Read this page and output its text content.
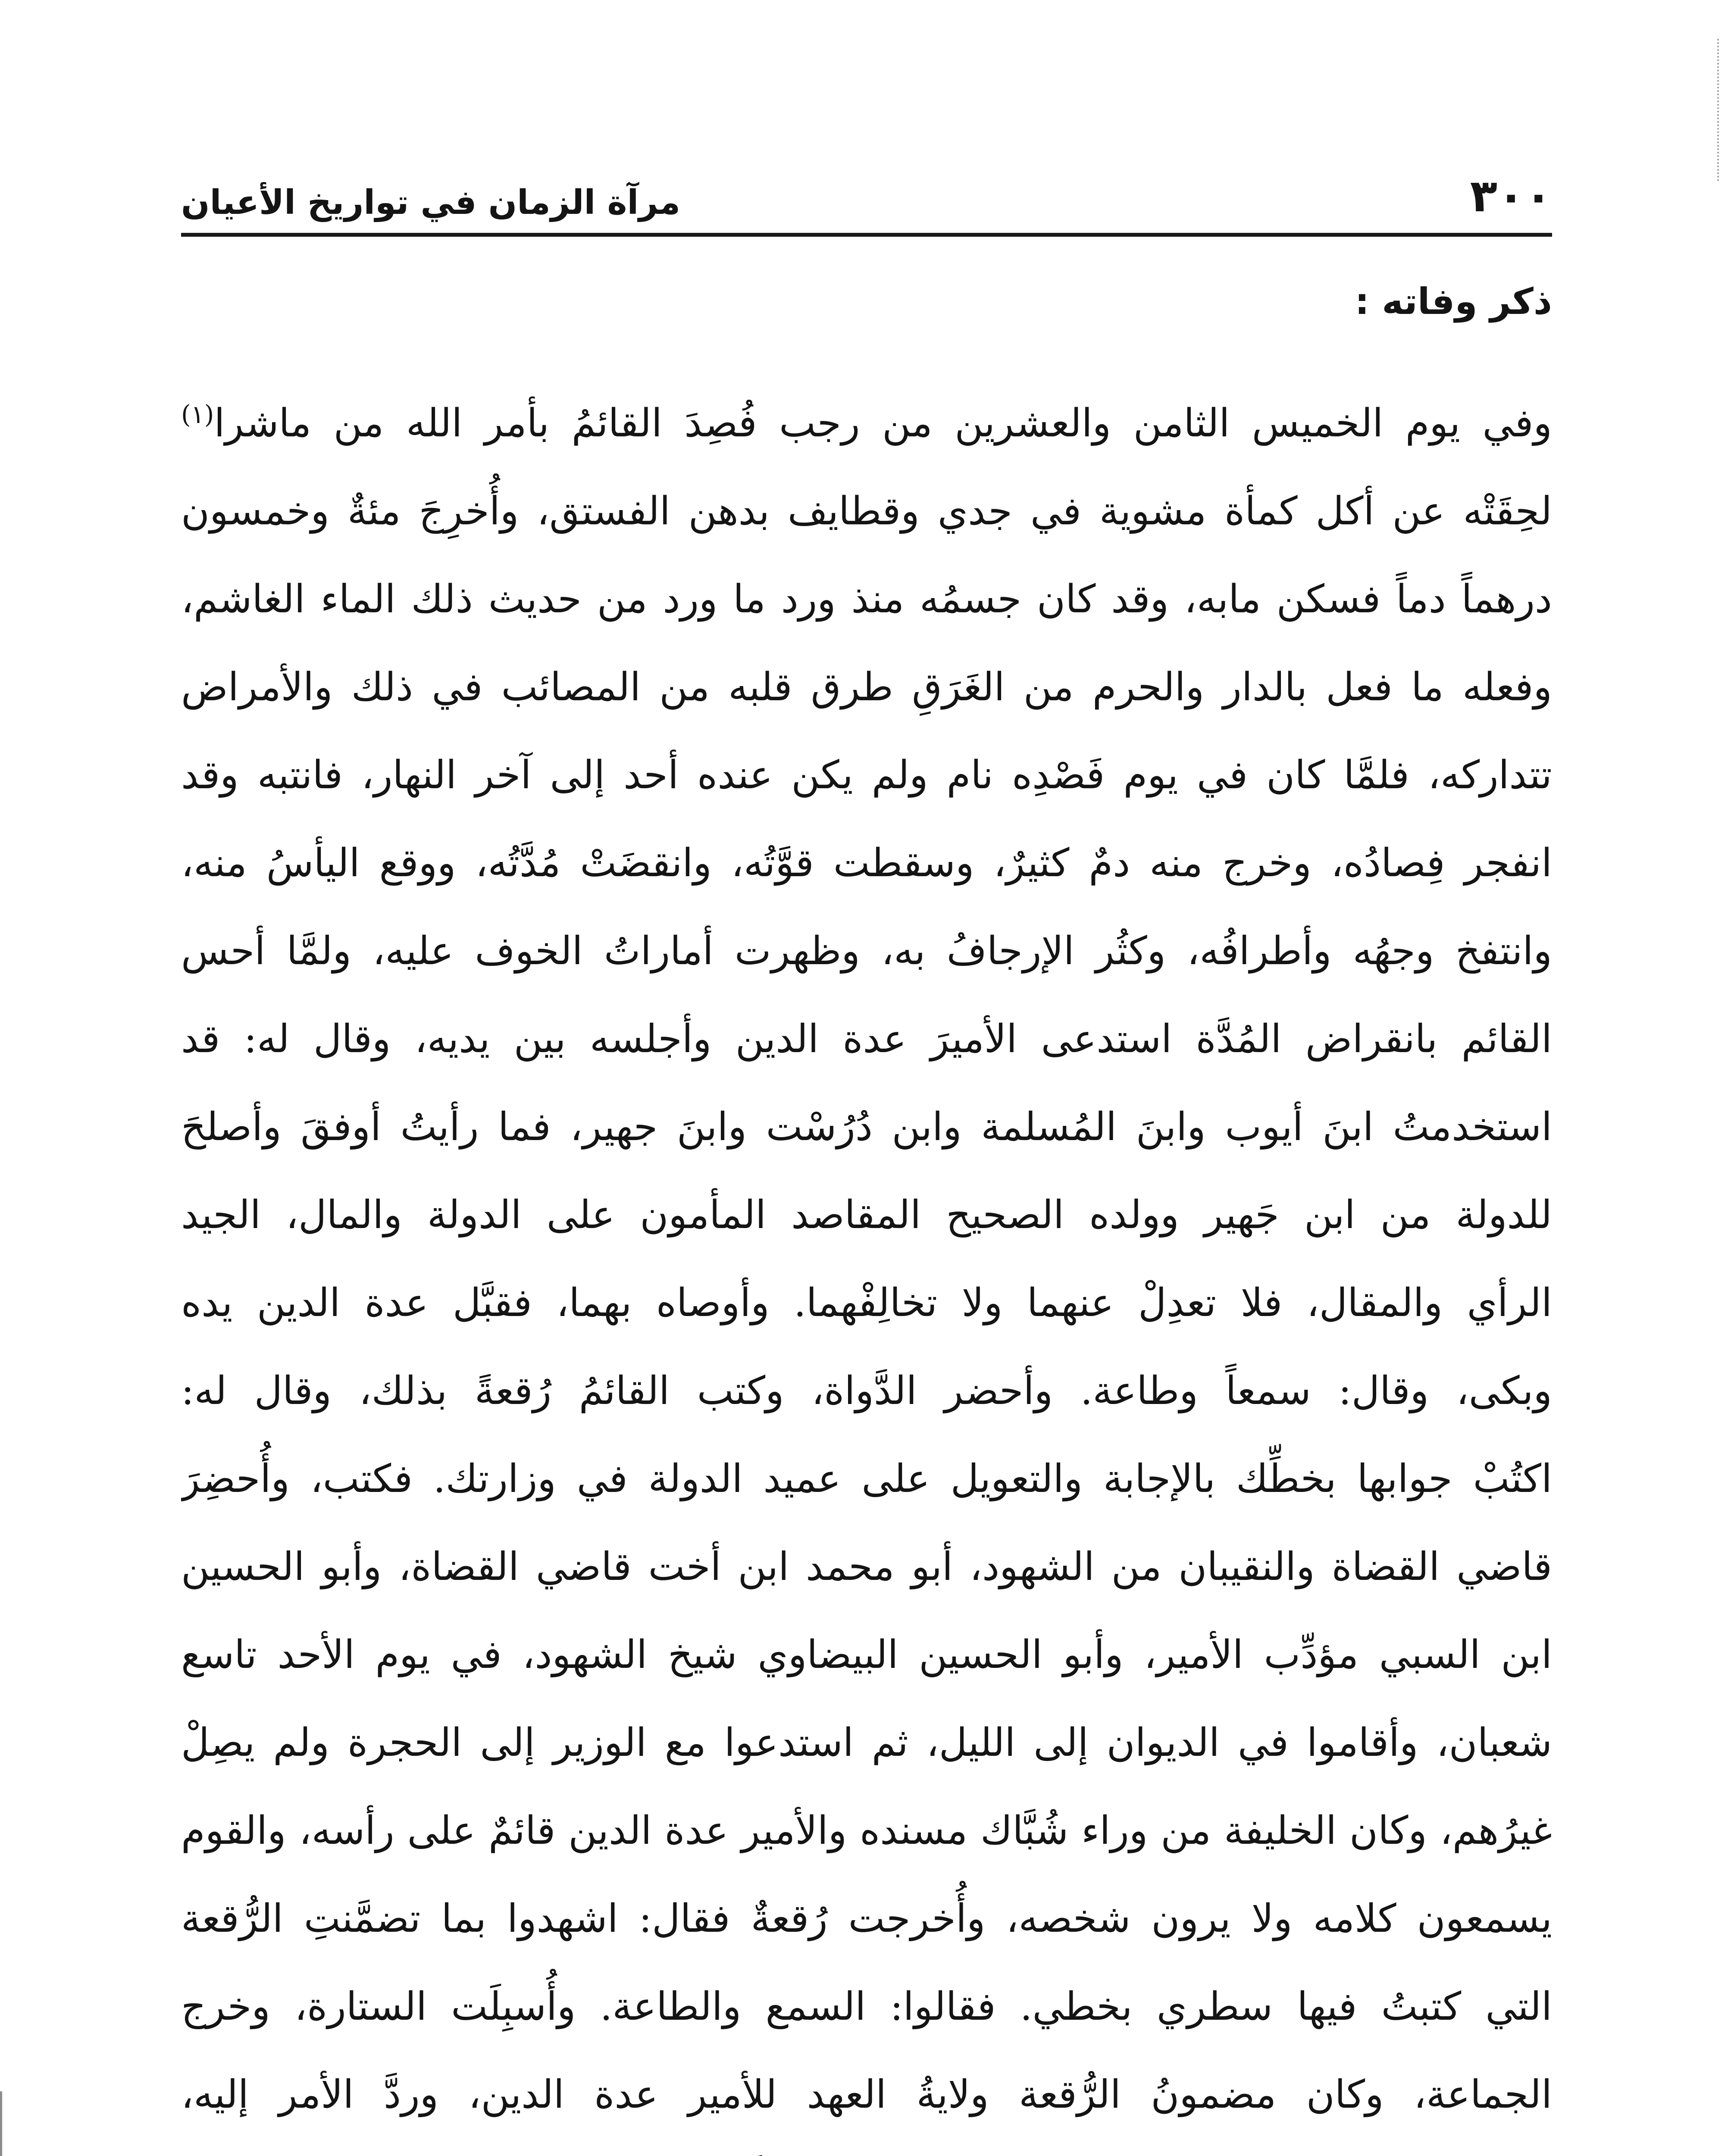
٣٠٠
مرآة الزمان في تواريخ الأعيان
ذكر وفاته :
وفي يوم الخميس الثامن والعشرين من رجب فُصِدَ القائمُ بأمر الله من ماشرا$^{(١)}$
لحِقَتْه عن أكل كمأة مشوية في جدي وقطايف بدهن الفستق، وأُخرِجَ مئةٌ وخمسون
درهماً دماً فسكن مابه، وقد كان جسمُه منذ ورد ما ورد من حديث ذلك الماء الغاشم،
وفعله ما فعل بالدار والحرم من الغَرَقِ طرق قلبه من المصائب في ذلك والأمراض
تتداركه، فلمَّا كان في يوم فَصْدِه نام ولم يكن عنده أحد إلى آخر النهار، فانتبه وقد
انفجر فِصادُه، وخرج منه دمٌ كثيرٌ، وسقطت قوَّتُه، وانقضَتْ مُدَّتُه، ووقع اليأسُ منه،
وانتفخ وجهُه وأطرافُه، وكثُر الإرجافُ به، وظهرت أماراتُ الخوف عليه، ولمَّا أحس
القائم بانقراض المُدَّة استدعى الأميرَ عدة الدين وأجلسه بين يديه، وقال له: قد
استخدمتُ ابنَ أيوب وابنَ المُسلمة وابن دُرُسْت وابنَ جهير، فما رأيتُ أوفقَ وأصلحَ
للدولة من ابن جَهير وولده الصحيح المقاصد المأمون على الدولة والمال، الجيد
الرأي والمقال، فلا تعدِلْ عنهما ولا تخالِفْهما. وأوصاه بهما، فقبَّل عدة الدين يده
وبكى، وقال: سمعاً وطاعة. وأحضر الدَّواة، وكتب القائمُ رُقعةً بذلك، وقال له:
اكتُبْ جوابها بخطِّك بالإجابة والتعويل على عميد الدولة في وزارتك. فكتب، وأُحضِرَ
قاضي القضاة والنقيبان من الشهود، أبو محمد ابن أخت قاضي القضاة، وأبو الحسين
ابن السبي مؤدِّب الأمير، وأبو الحسين البيضاوي شيخ الشهود، في يوم الأحد تاسع
شعبان، وأقاموا في الديوان إلى الليل، ثم استدعوا مع الوزير إلى الحجرة ولم يصِلْ
غيرُهم، وكان الخليفة من وراء شُبَّاك مسنده والأمير عدة الدين قائمٌ على رأسه، والقوم
يسمعون كلامه ولا يرون شخصه، وأُخرجت رُقعةٌ فقال: اشهدوا بما تضمَّنتِ الرُّقعة
التي كتبتُ فيها سطري بخطي. فقالوا: السمع والطاعة. وأُسبِلَت الستارة، وخرج
الجماعة، وكان مضمونُ الرُّقعة ولايةُ العهد للأمير عدة الدين، وردَّ الأمر إليه،
